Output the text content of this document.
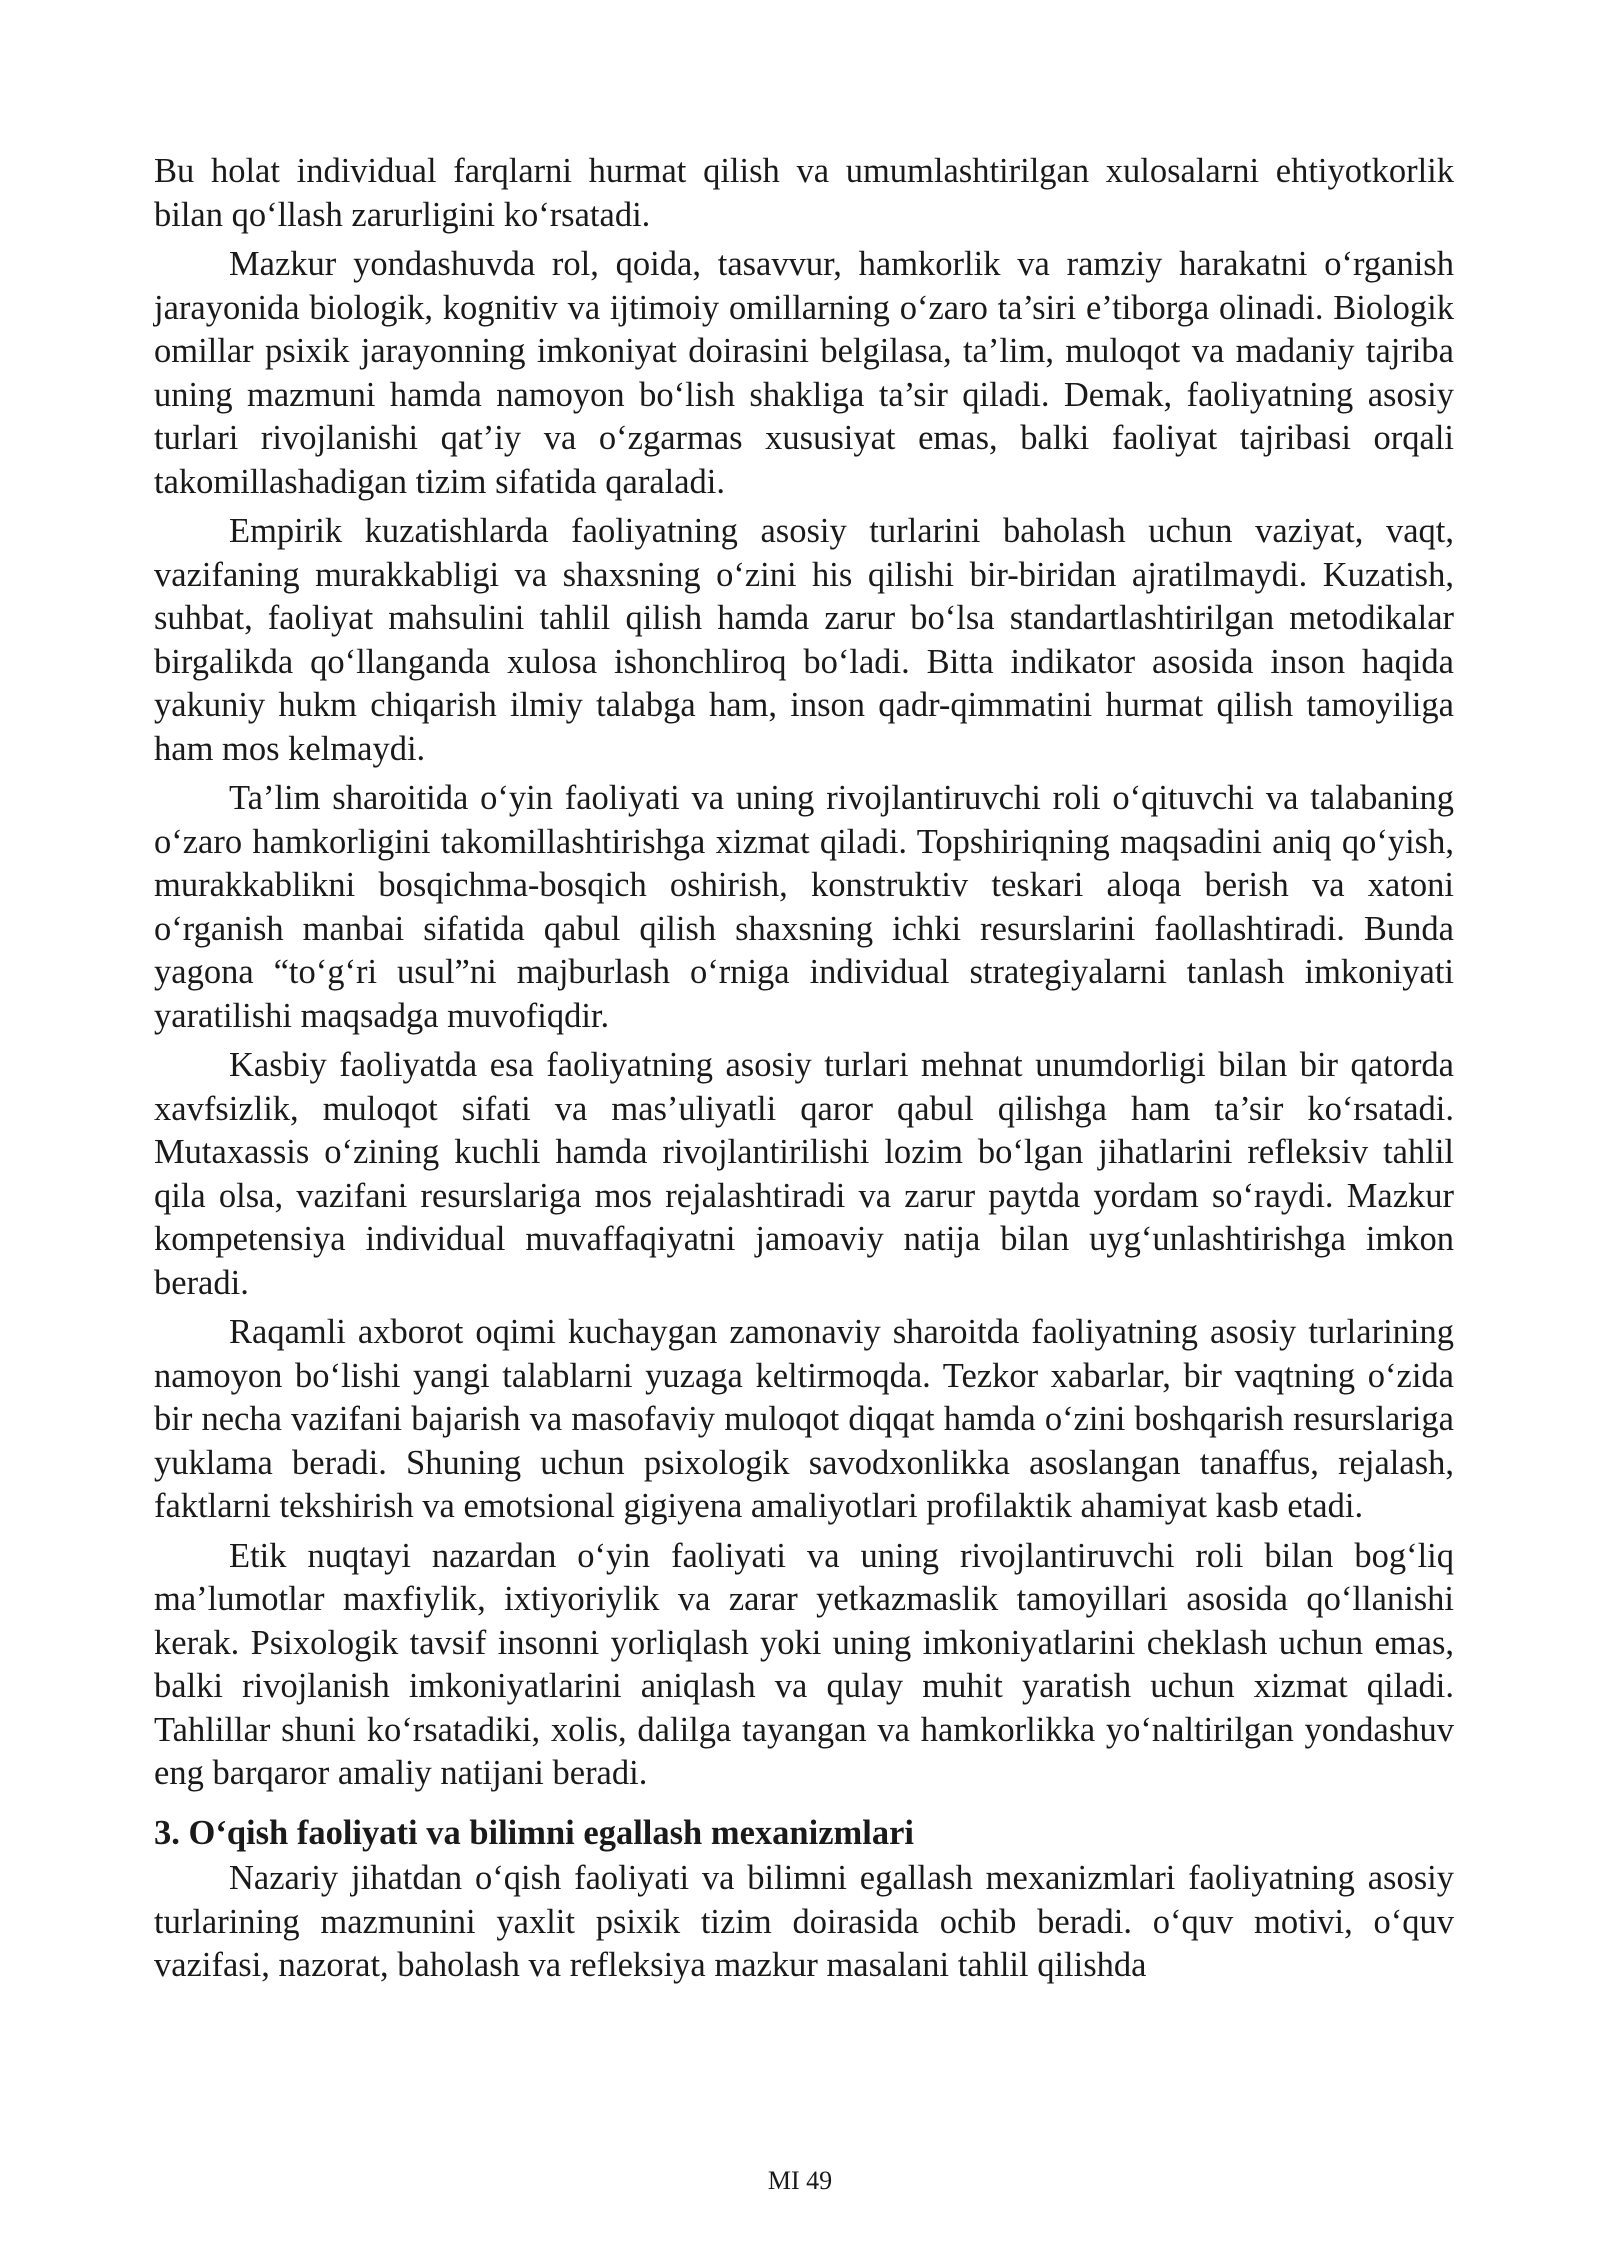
Bu holat individual farqlarni hurmat qilish va umumlashtirilgan xulosalarni ehtiyotkorlik bilan qo‘llash zarurligini ko‘rsatadi.

Mazkur yondashuvda rol, qoida, tasavvur, hamkorlik va ramziy harakatni o‘rganish jarayonida biologik, kognitiv va ijtimoiy omillarning o‘zaro ta’siri e’tiborga olinadi. Biologik omillar psixik jarayonning imkoniyat doirasini belgilasa, ta’lim, muloqot va madaniy tajriba uning mazmuni hamda namoyon bo‘lish shakliga ta’sir qiladi. Demak, faoliyatning asosiy turlari rivojlanishi qat’iy va o‘zgarmas xususiyat emas, balki faoliyat tajribasi orqali takomillashadigan tizim sifatida qaraladi.

Empirik kuzatishlarda faoliyatning asosiy turlarini baholash uchun vaziyat, vaqt, vazifaning murakkabligi va shaxsning o‘zini his qilishi bir-biridan ajratilmaydi. Kuzatish, suhbat, faoliyat mahsulini tahlil qilish hamda zarur bo‘lsa standartlashtirilgan metodikalar birgalikda qo‘llanganda xulosa ishonchliroq bo‘ladi. Bitta indikator asosida inson haqida yakuniy hukm chiqarish ilmiy talabga ham, inson qadr-qimmatini hurmat qilish tamoyiliga ham mos kelmaydi.

Ta’lim sharoitida o‘yin faoliyati va uning rivojlantiruvchi roli o‘qituvchi va talabaning o‘zaro hamkorligini takomillashtirishga xizmat qiladi. Topshiriqning maqsadini aniq qo‘yish, murakkablikni bosqichma-bosqich oshirish, konstruktiv teskari aloqa berish va xatoni o‘rganish manbai sifatida qabul qilish shaxsning ichki resurslarini faollashtiradi. Bunda yagona “to‘g‘ri usul”ni majburlash o‘rniga individual strategiyalarni tanlash imkoniyati yaratilishi maqsadga muvofiqdir.

Kasbiy faoliyatda esa faoliyatning asosiy turlari mehnat unumdorligi bilan bir qatorda xavfsizlik, muloqot sifati va mas’uliyatli qaror qabul qilishga ham ta’sir ko‘rsatadi. Mutaxassis o‘zining kuchli hamda rivojlantirilishi lozim bo‘lgan jihatlarini refleksiv tahlil qila olsa, vazifani resurslariga mos rejalashtiradi va zarur paytda yordam so‘raydi. Mazkur kompetensiya individual muvaffaqiyatni jamoaviy natija bilan uyg‘unlashtirishga imkon beradi.

Raqamli axborot oqimi kuchaygan zamonaviy sharoitda faoliyatning asosiy turlarining namoyon bo‘lishi yangi talablarni yuzaga keltirmoqda. Tezkor xabarlar, bir vaqtning o‘zida bir necha vazifani bajarish va masofaviy muloqot diqqat hamda o‘zini boshqarish resurslariga yuklama beradi. Shuning uchun psixologik savodxonlikka asoslangan tanaffus, rejalash, faktlarni tekshirish va emotsional gigiyena amaliyotlari profilaktik ahamiyat kasb etadi.

Etik nuqtayi nazardan o‘yin faoliyati va uning rivojlantiruvchi roli bilan bog‘liq ma’lumotlar maxfiylik, ixtiyoriylik va zarar yetkazmaslik tamoyillari asosida qo‘llanishi kerak. Psixologik tavsif insonni yorliqlash yoki uning imkoniyatlarini cheklash uchun emas, balki rivojlanish imkoniyatlarini aniqlash va qulay muhit yaratish uchun xizmat qiladi. Tahlillar shuni ko‘rsatadiki, xolis, dalilga tayangan va hamkorlikka yo‘naltirilgan yondashuv eng barqaror amaliy natijani beradi.

3. O‘qish faoliyati va bilimni egallash mexanizmlari

Nazariy jihatdan o‘qish faoliyati va bilimni egallash mexanizmlari faoliyatning asosiy turlarining mazmunini yaxlit psixik tizim doirasida ochib beradi. o‘quv motivi, o‘quv vazifasi, nazorat, baholash va refleksiya mazkur masalani tahlil qilishda

MI 49
